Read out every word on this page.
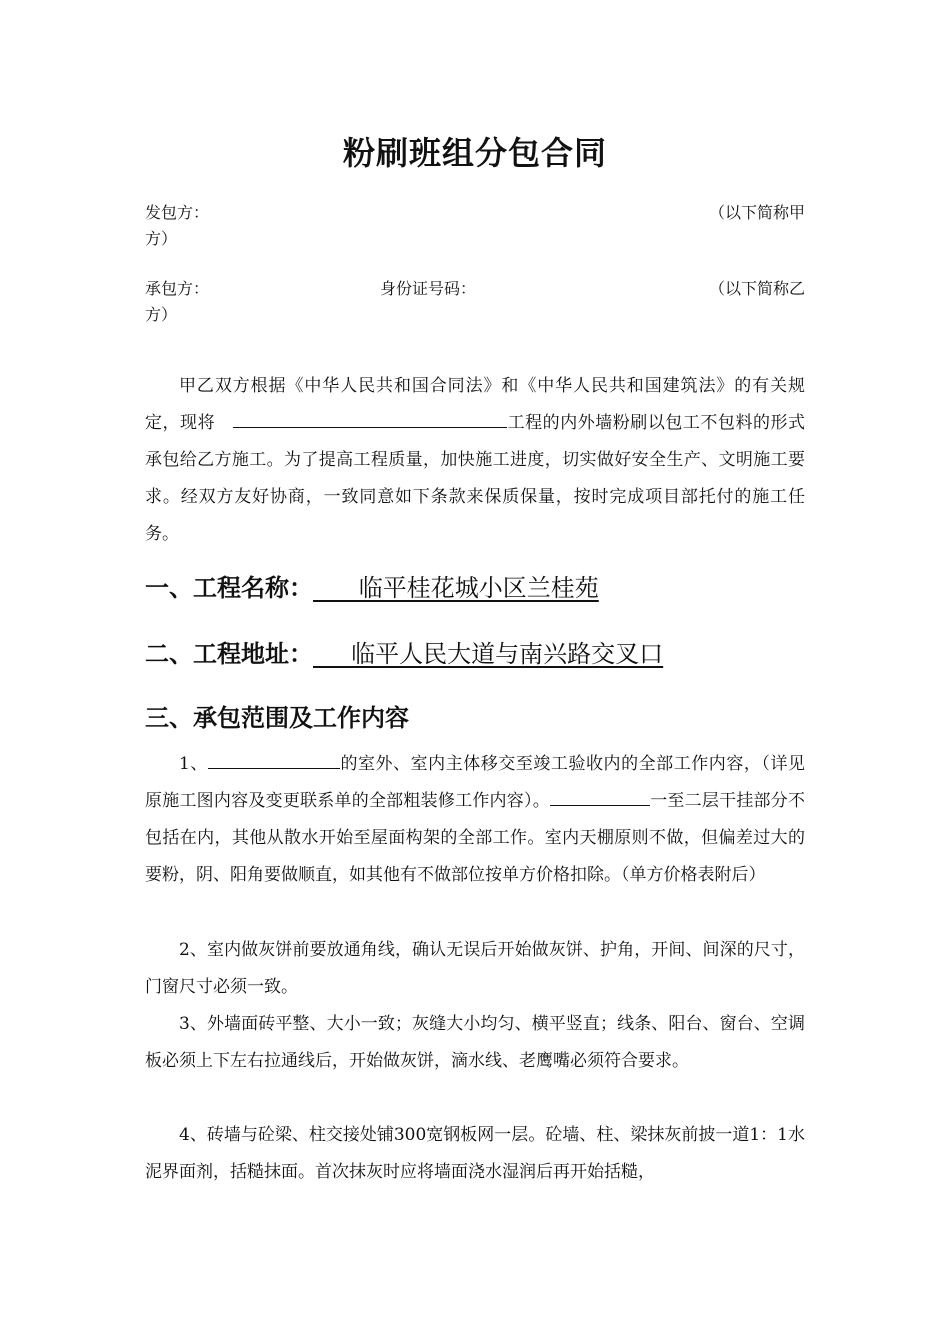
粉刷班组分包合同
发包方：	（以下简称甲
方）
承包方：	身份证号码：	（以下简称乙
方）
甲乙双方根据《中华人民共和国合同法》和《中华人民共和国建筑法》的有关规定，现将	工程的内外墙粉刷以包工不包料的形式承包给乙方施工。为了提高工程质量，加快施工进度，切实做好安全生产、文明施工要求。经双方友好协商，一致同意如下条款来保质保量，按时完成项目部托付的施工任务。
一、工程名称：      临平桂花城小区兰桂苑
二、工程地址：     临平人民大道与南兴路交叉口
三、承包范围及工作内容
1、	的室外、室内主体移交至竣工验收内的全部工作内容，（详见原施工图内容及变更联系单的全部粗装修工作内容）。	一至二层干挂部分不包括在内，其他从散水开始至屋面构架的全部工作。室内天棚原则不做，但偏差过大的要粉，阴、阳角要做顺直，如其他有不做部位按单方价格扣除。（单方价格表附后）
2、室内做灰饼前要放通角线，确认无误后开始做灰饼、护角，开间、间深的尺寸，门窗尺寸必须一致。
3、外墙面砖平整、大小一致；灰缝大小均匀、横平竖直；线条、阳台、窗台、空调板必须上下左右拉通线后，开始做灰饼，滴水线、老鹰嘴必须符合要求。
4、砖墙与砼梁、柱交接处铺300宽钢板网一层。砼墙、柱、梁抹灰前披一道1：1水泥界面剂，括糙抹面。首次抹灰时应将墙面浇水湿润后再开始括糙，
